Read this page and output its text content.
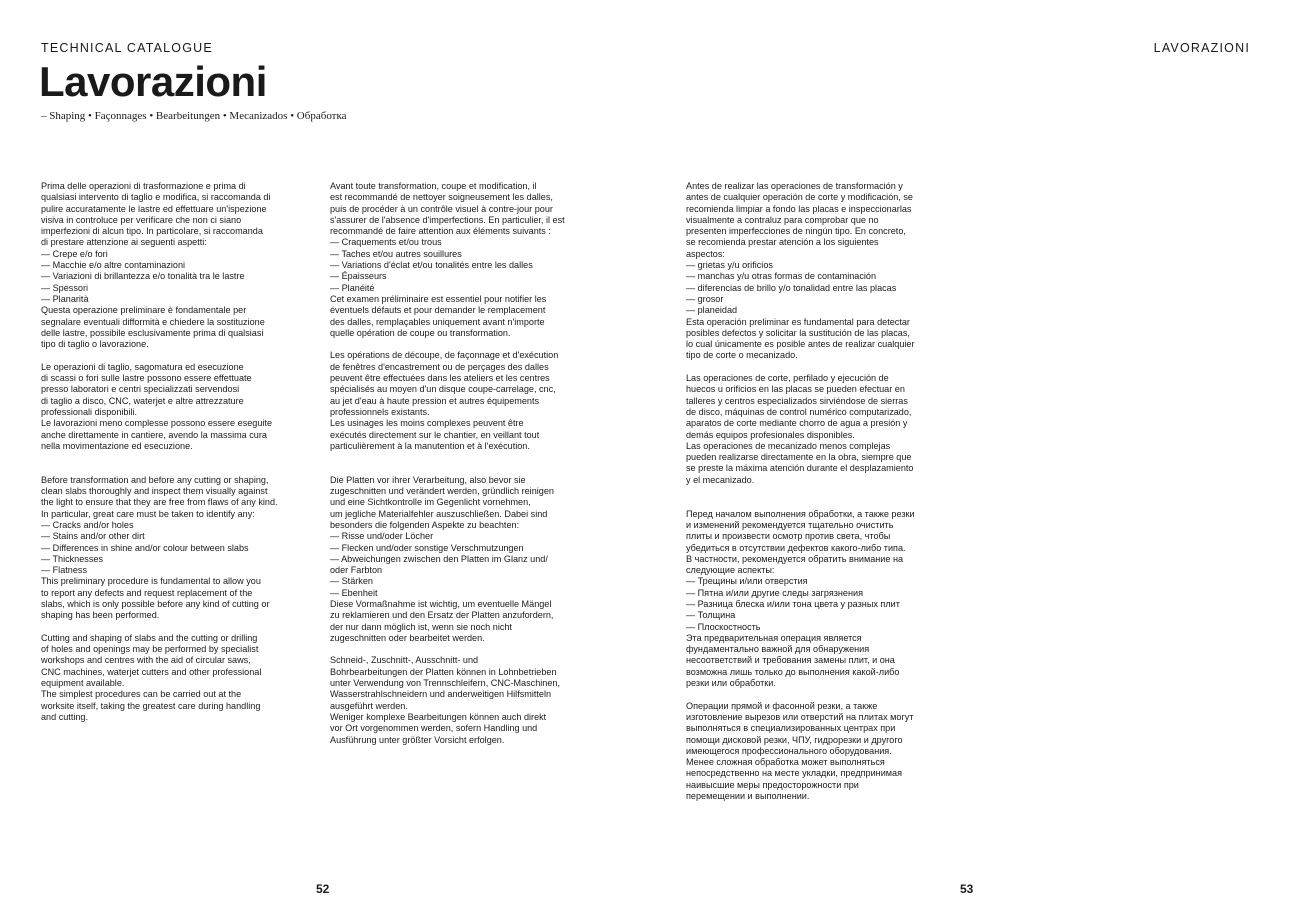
TECHNICAL CATALOGUE	LAVORAZIONI
Lavorazioni
– Shaping • Façonnages • Bearbeitungen • Mecanizados • Обработка
Prima delle operazioni di trasformazione e prima di
qualsiasi intervento di taglio e modifica, si raccomanda di
pulire accuratamente le lastre ed effettuare un'ispezione
visiva in controluce per verificare che non ci siano
imperfezioni di alcun tipo. In particolare, si raccomanda
di prestare attenzione ai seguenti aspetti:
— Crepe e/o fori
— Macchie e/o altre contaminazioni
— Variazioni di brillantezza e/o tonalità tra le lastre
— Spessori
— Planarità
Questa operazione preliminare è fondamentale per
segnalare eventuali difformità e chiedere la sostituzione
delle lastre, possibile esclusivamente prima di qualsiasi
tipo di taglio o lavorazione.
Le operazioni di taglio, sagomatura ed esecuzione
di scassi o fori sulle lastre possono essere effettuate
presso laboratori e centri specializzati servendosi
di taglio a disco, CNC, waterjet e altre attrezzature
professionali disponibili.
Le lavorazioni meno complesse possono essere eseguite
anche direttamente in cantiere, avendo la massima cura
nella movimentazione ed esecuzione.
Before transformation and before any cutting or shaping,
clean slabs thoroughly and inspect them visually against
the light to ensure that they are free from flaws of any kind.
In particular, great care must be taken to identify any:
— Cracks and/or holes
— Stains and/or other dirt
— Differences in shine and/or colour between slabs
— Thicknesses
— Flatness
This preliminary procedure is fundamental to allow you
to report any defects and request replacement of the
slabs, which is only possible before any kind of cutting or
shaping has been performed.
Cutting and shaping of slabs and the cutting or drilling
of holes and openings may be performed by specialist
workshops and centres with the aid of circular saws,
CNC machines, waterjet cutters and other professional
equipment available.
The simplest procedures can be carried out at the
worksite itself, taking the greatest care during handling
and cutting.
Avant toute transformation, coupe et modification, il
est recommandé de nettoyer soigneusement les dalles,
puis de procéder à un contrôle visuel à contre-jour pour
s'assurer de l'absence d'imperfections. En particulier, il est
recommandé de faire attention aux éléments suivants :
— Craquements et/ou trous
— Taches et/ou autres souillures
— Variations d'éclat et/ou tonalités entre les dalles
— Épaisseurs
— Planéité
Cet examen préliminaire est essentiel pour notifier les
éventuels défauts et pour demander le remplacement
des dalles, remplaçables uniquement avant n'importe
quelle opération de coupe ou transformation.
Les opérations de découpe, de façonnage et d'exécution
de fenêtres d'encastrement ou de perçages des dalles
peuvent être effectuées dans les ateliers et les centres
spécialisés au moyen d'un disque coupe-carrelage, cnc,
au jet d'eau à haute pression et autres équipements
professionnels existants.
Les usinages les moins complexes peuvent être
exécutés directement sur le chantier, en veillant tout
particulièrement à la manutention et à l'exécution.
Die Platten vor ihrer Verarbeitung, also bevor sie
zugeschnitten und verändert werden, gründlich reinigen
und eine Sichtkontrolle im Gegenlicht vornehmen,
um jegliche Materialfehler auszuschließen. Dabei sind
besonders die folgenden Aspekte zu beachten:
— Risse und/oder Löcher
— Flecken und/oder sonstige Verschmutzungen
— Abweichungen zwischen den Platten im Glanz und/
oder Farbton
— Stärken
— Ebenheit
Diese Vormaßnahme ist wichtig, um eventuelle Mängel
zu reklamieren und den Ersatz der Platten anzufordern,
der nur dann möglich ist, wenn sie noch nicht
zugeschnitten oder bearbeitet werden.
Schneid-, Zuschnitt-, Ausschnitt- und
Bohrbearbeitungen der Platten können in Lohnbetrieben
unter Verwendung von Trennschleifern, CNC-Maschinen,
Wasserstrahlschneidern und anderweitigen Hilfsmitteln
ausgeführt werden.
Weniger komplexe Bearbeitungen können auch direkt
vor Ort vorgenommen werden, sofern Handling und
Ausführung unter größter Vorsicht erfolgen.
Antes de realizar las operaciones de transformación y
antes de cualquier operación de corte y modificación, se
recomienda limpiar a fondo las placas e inspeccionarlas
visualmente a contraluz para comprobar que no
presenten imperfecciones de ningún tipo. En concreto,
se recomienda prestar atención a los siguientes
aspectos:
— grietas y/u orificios
— manchas y/u otras formas de contaminación
— diferencias de brillo y/o tonalidad entre las placas
— grosor
— planeidad
Esta operación preliminar es fundamental para detectar
posibles defectos y solicitar la sustitución de las placas,
lo cual únicamente es posible antes de realizar cualquier
tipo de corte o mecanizado.
Las operaciones de corte, perfilado y ejecución de
huecos u orificios en las placas se pueden efectuar en
talleres y centros especializados sirviéndose de sierras
de disco, máquinas de control numérico computarizado,
aparatos de corte mediante chorro de agua a presión y
demás equipos profesionales disponibles.
Las operaciones de mecanizado menos complejas
pueden realizarse directamente en la obra, siempre que
se preste la máxima atención durante el desplazamiento
y el mecanizado.
Перед началом выполнения обработки, а также резки
и изменений рекомендуется тщательно очистить
плиты и произвести осмотр против света, чтобы
убедиться в отсутствии дефектов какого-либо типа.
В частности, рекомендуется обратить внимание на
следующие аспекты:
— Трещины и/или отверстия
— Пятна и/или другие следы загрязнения
— Разница блеска и/или тона цвета у разных плит
— Толщина
— Плоскостность
Эта предварительная операция является
фундаментально важной для обнаружения
несоответствий и требования замены плит, и она
возможна лишь только до выполнения какой-либо
резки или обработки.
Операции прямой и фасонной резки, а также
изготовление вырезов или отверстий на плитах могут
выполняться в специализированных центрах при
помощи дисковой резки, ЧПУ, гидрорезки и другого
имеющегося профессионального оборудования.
Менее сложная обработка может выполняться
непосредственно на месте укладки, предпринимая
наивысшие меры предосторожности при
перемещении и выполнении.
52	53
